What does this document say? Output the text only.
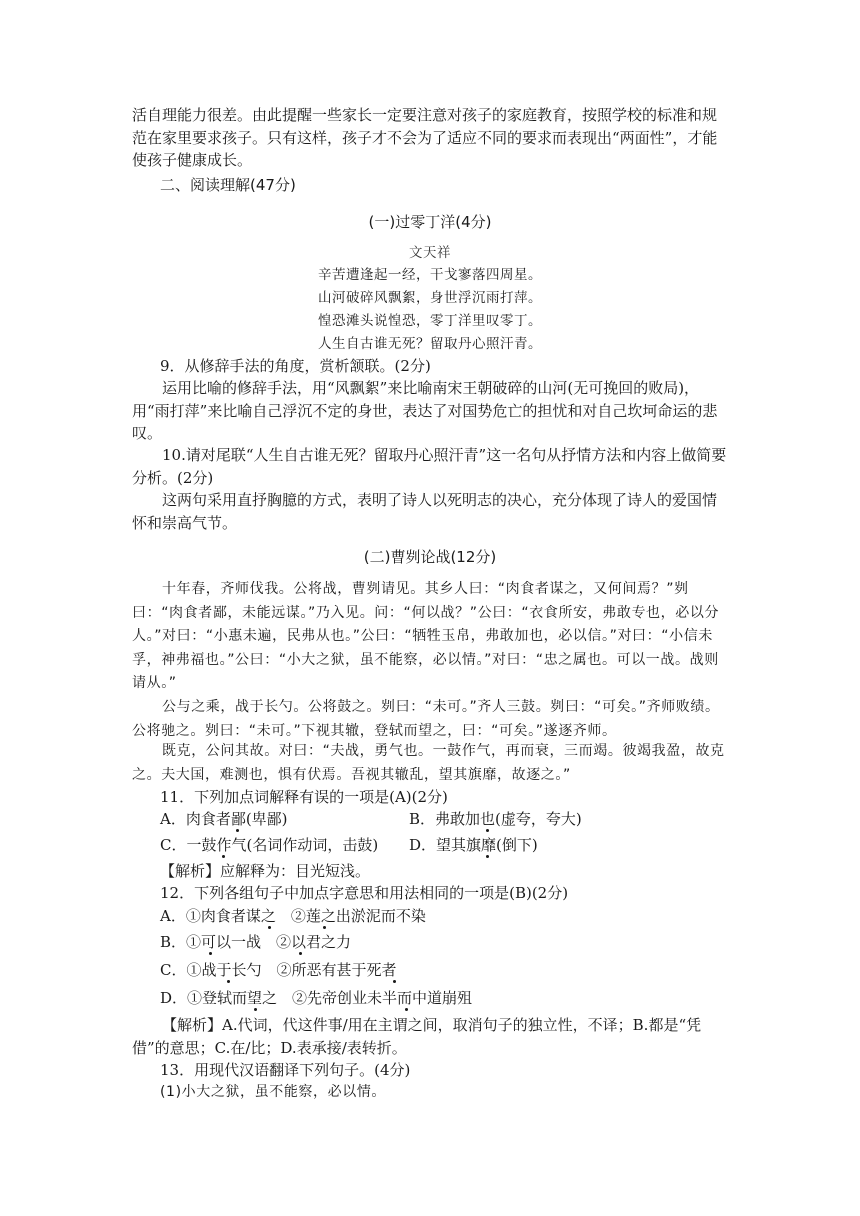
活自理能力很差。由此提醒一些家长一定要注意对孩子的家庭教育，按照学校的标准和规范在家里要求孩子。只有这样，孩子才不会为了适应不同的要求而表现出“两面性”，才能使孩子健康成长。

二、阅读理解(47分)

(一)过零丁洋(4分)

文天祥

辛苦遭逢起一经，干戈寥落四周星。

山河破碎风飘絮，身世浮沉雨打萍。

惶恐滩头说惶恐，零丁洋里叹零丁。

人生自古谁无死？留取丹心照汗青。

9．从修辞手法的角度，赏析颔联。(2分)

运用比喻的修辞手法，用“风飘絮”来比喻南宋王朝破碎的山河(无可挽回的败局)，用“雨打萍”来比喻自己浮沉不定的身世，表达了对国势危亡的担忧和对自己坎坷命运的悲叹。

10.请对尾联“人生自古谁无死？留取丹心照汗青”这一名句从抒情方法和内容上做简要分析。(2分)

这两句采用直抒胸臆的方式，表明了诗人以死明志的决心，充分体现了诗人的爱国情怀和崇高气节。

(二)曹刿论战(12分)

十年春，齐师伐我。公将战，曹刿请见。其乡人曰：“肉食者谋之，又何间焉？”刿曰：“肉食者鄙，未能远谋。”乃入见。问：“何以战？”公曰：“衣食所安，弗敢专也，必以分人。”对曰：“小惠未遍，民弗从也。”公曰：“牺牲玉帛，弗敢加也，必以信。”对曰：“小信未孚，神弗福也。”公曰：“小大之狱，虽不能察，必以情。”对曰：“忠之属也。可以一战。战则请从。”

公与之乘，战于长勺。公将鼓之。刿曰：“未可。”齐人三鼓。刿曰：“可矣。”齐师败绩。公将驰之。刿曰：“未可。”下视其辙，登轼而望之，曰：“可矣。”遂逐齐师。

既克，公问其故。对曰：“夫战，勇气也。一鼓作气，再而衰，三而竭。彼竭我盈，故克之。夫大国，难测也，惧有伏焉。吾视其辙乱，望其旗靡，故逐之。”

11．下列加点词解释有误的一项是(A)(2分)

A．肉食者鄙(卑鄙)	B．弗敢加也(虚夸，夸大)

C．一鼓作气(名词作动词，击鼓) D．望其旗靡(倒下)

【解析】应解释为：目光短浅。

12．下列各组句子中加点字意思和用法相同的一项是(B)(2分)

A．①肉食者谋之　②莲之出淤泥而不染

B．①可以一战　②以君之力

C．①战于长勺　②所恶有甚于死者

D．①登轼而望之　②先帝创业未半而中道崩殂

【解析】A.代词，代这件事/用在主谓之间，取消句子的独立性，不译；B.都是“凭借”的意思；C.在/比；D.表承接/表转折。

13．用现代汉语翻译下列句子。(4分)

(1)小大之狱，虽不能察，必以情。
